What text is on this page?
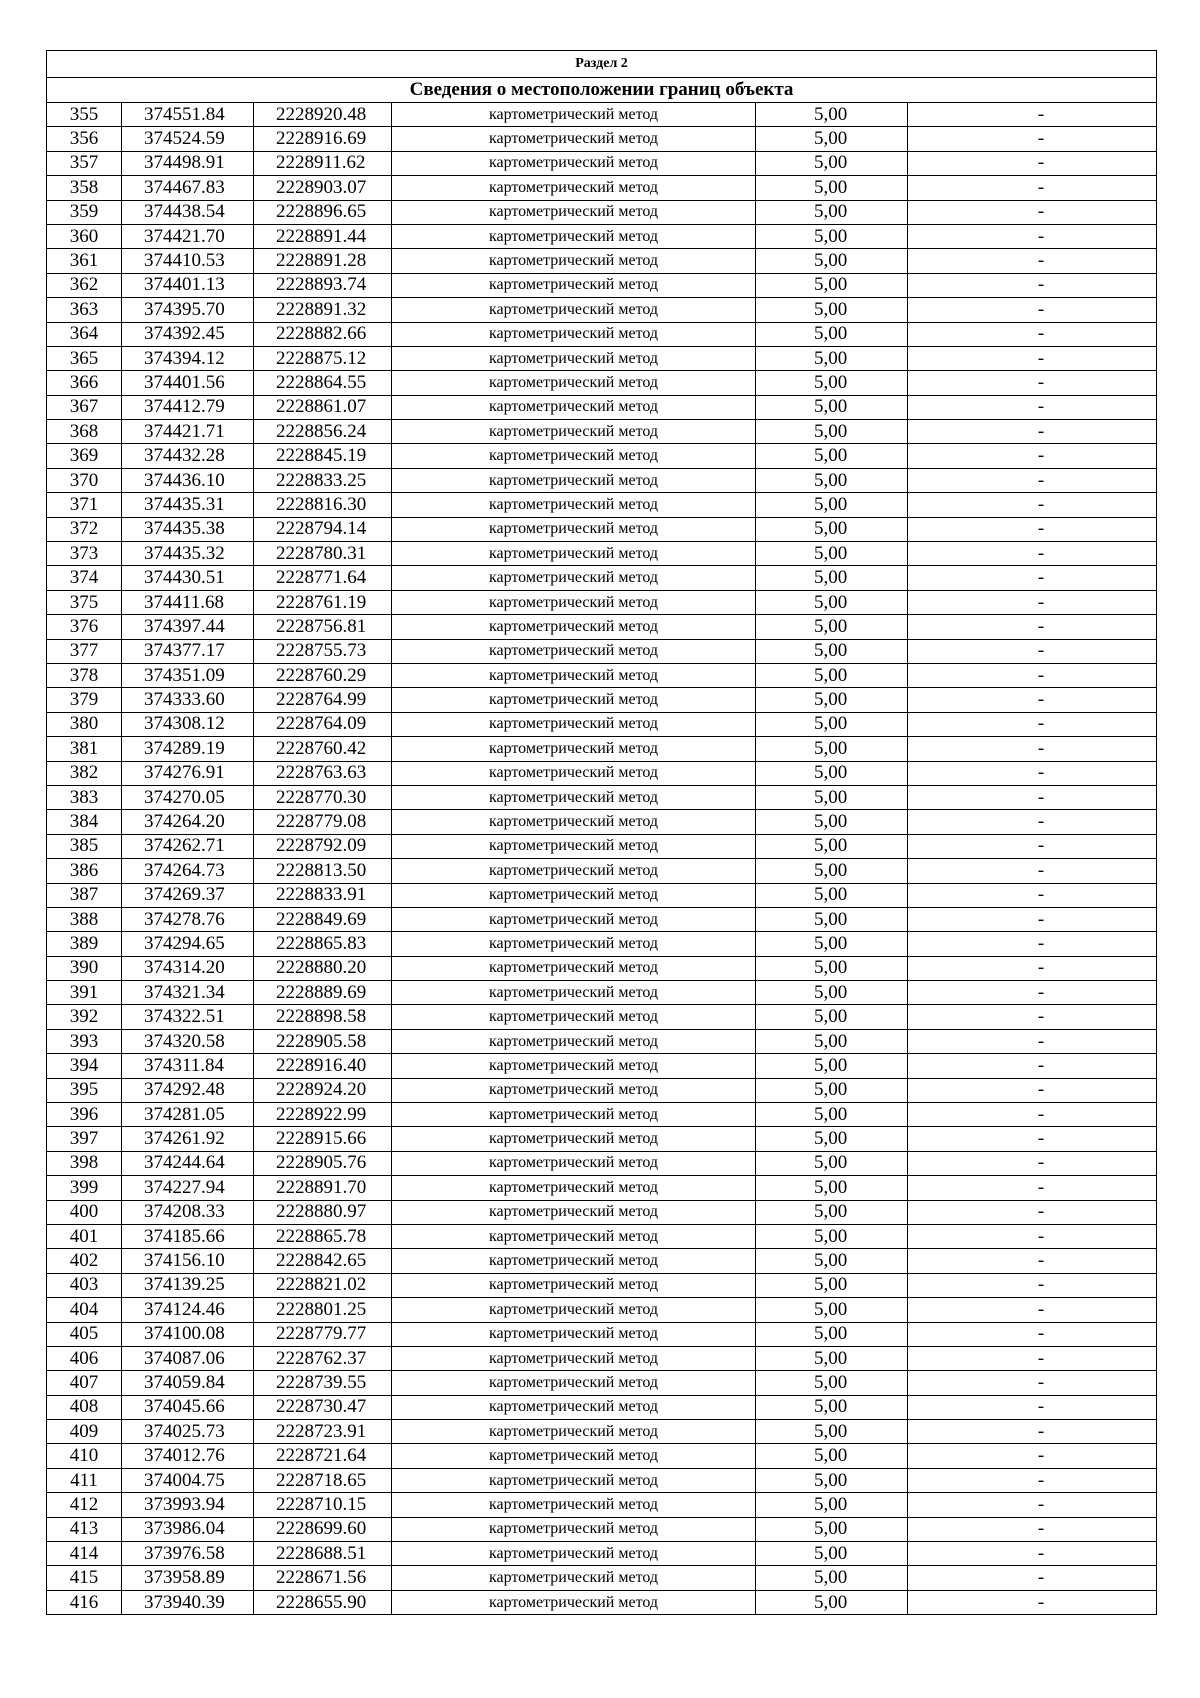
Раздел 2					
Сведения о местоположении границ объекта					
355	374551.84	2228920.48	картометрический метод	5,00	-
356	374524.59	2228916.69	картометрический метод	5,00	-
357	374498.91	2228911.62	картометрический метод	5,00	-
358	374467.83	2228903.07	картометрический метод	5,00	-
359	374438.54	2228896.65	картометрический метод	5,00	-
360	374421.70	2228891.44	картометрический метод	5,00	-
361	374410.53	2228891.28	картометрический метод	5,00	-
362	374401.13	2228893.74	картометрический метод	5,00	-
363	374395.70	2228891.32	картометрический метод	5,00	-
364	374392.45	2228882.66	картометрический метод	5,00	-
365	374394.12	2228875.12	картометрический метод	5,00	-
366	374401.56	2228864.55	картометрический метод	5,00	-
367	374412.79	2228861.07	картометрический метод	5,00	-
368	374421.71	2228856.24	картометрический метод	5,00	-
369	374432.28	2228845.19	картометрический метод	5,00	-
370	374436.10	2228833.25	картометрический метод	5,00	-
371	374435.31	2228816.30	картометрический метод	5,00	-
372	374435.38	2228794.14	картометрический метод	5,00	-
373	374435.32	2228780.31	картометрический метод	5,00	-
374	374430.51	2228771.64	картометрический метод	5,00	-
375	374411.68	2228761.19	картометрический метод	5,00	-
376	374397.44	2228756.81	картометрический метод	5,00	-
377	374377.17	2228755.73	картометрический метод	5,00	-
378	374351.09	2228760.29	картометрический метод	5,00	-
379	374333.60	2228764.99	картометрический метод	5,00	-
380	374308.12	2228764.09	картометрический метод	5,00	-
381	374289.19	2228760.42	картометрический метод	5,00	-
382	374276.91	2228763.63	картометрический метод	5,00	-
383	374270.05	2228770.30	картометрический метод	5,00	-
384	374264.20	2228779.08	картометрический метод	5,00	-
385	374262.71	2228792.09	картометрический метод	5,00	-
386	374264.73	2228813.50	картометрический метод	5,00	-
387	374269.37	2228833.91	картометрический метод	5,00	-
388	374278.76	2228849.69	картометрический метод	5,00	-
389	374294.65	2228865.83	картометрический метод	5,00	-
390	374314.20	2228880.20	картометрический метод	5,00	-
391	374321.34	2228889.69	картометрический метод	5,00	-
392	374322.51	2228898.58	картометрический метод	5,00	-
393	374320.58	2228905.58	картометрический метод	5,00	-
394	374311.84	2228916.40	картометрический метод	5,00	-
395	374292.48	2228924.20	картометрический метод	5,00	-
396	374281.05	2228922.99	картометрический метод	5,00	-
397	374261.92	2228915.66	картометрический метод	5,00	-
398	374244.64	2228905.76	картометрический метод	5,00	-
399	374227.94	2228891.70	картометрический метод	5,00	-
400	374208.33	2228880.97	картометрический метод	5,00	-
401	374185.66	2228865.78	картометрический метод	5,00	-
402	374156.10	2228842.65	картометрический метод	5,00	-
403	374139.25	2228821.02	картометрический метод	5,00	-
404	374124.46	2228801.25	картометрический метод	5,00	-
405	374100.08	2228779.77	картометрический метод	5,00	-
406	374087.06	2228762.37	картометрический метод	5,00	-
407	374059.84	2228739.55	картометрический метод	5,00	-
408	374045.66	2228730.47	картометрический метод	5,00	-
409	374025.73	2228723.91	картометрический метод	5,00	-
410	374012.76	2228721.64	картометрический метод	5,00	-
411	374004.75	2228718.65	картометрический метод	5,00	-
412	373993.94	2228710.15	картометрический метод	5,00	-
413	373986.04	2228699.60	картометрический метод	5,00	-
414	373976.58	2228688.51	картометрический метод	5,00	-
415	373958.89	2228671.56	картометрический метод	5,00	-
416	373940.39	2228655.90	картометрический метод	5,00	-
